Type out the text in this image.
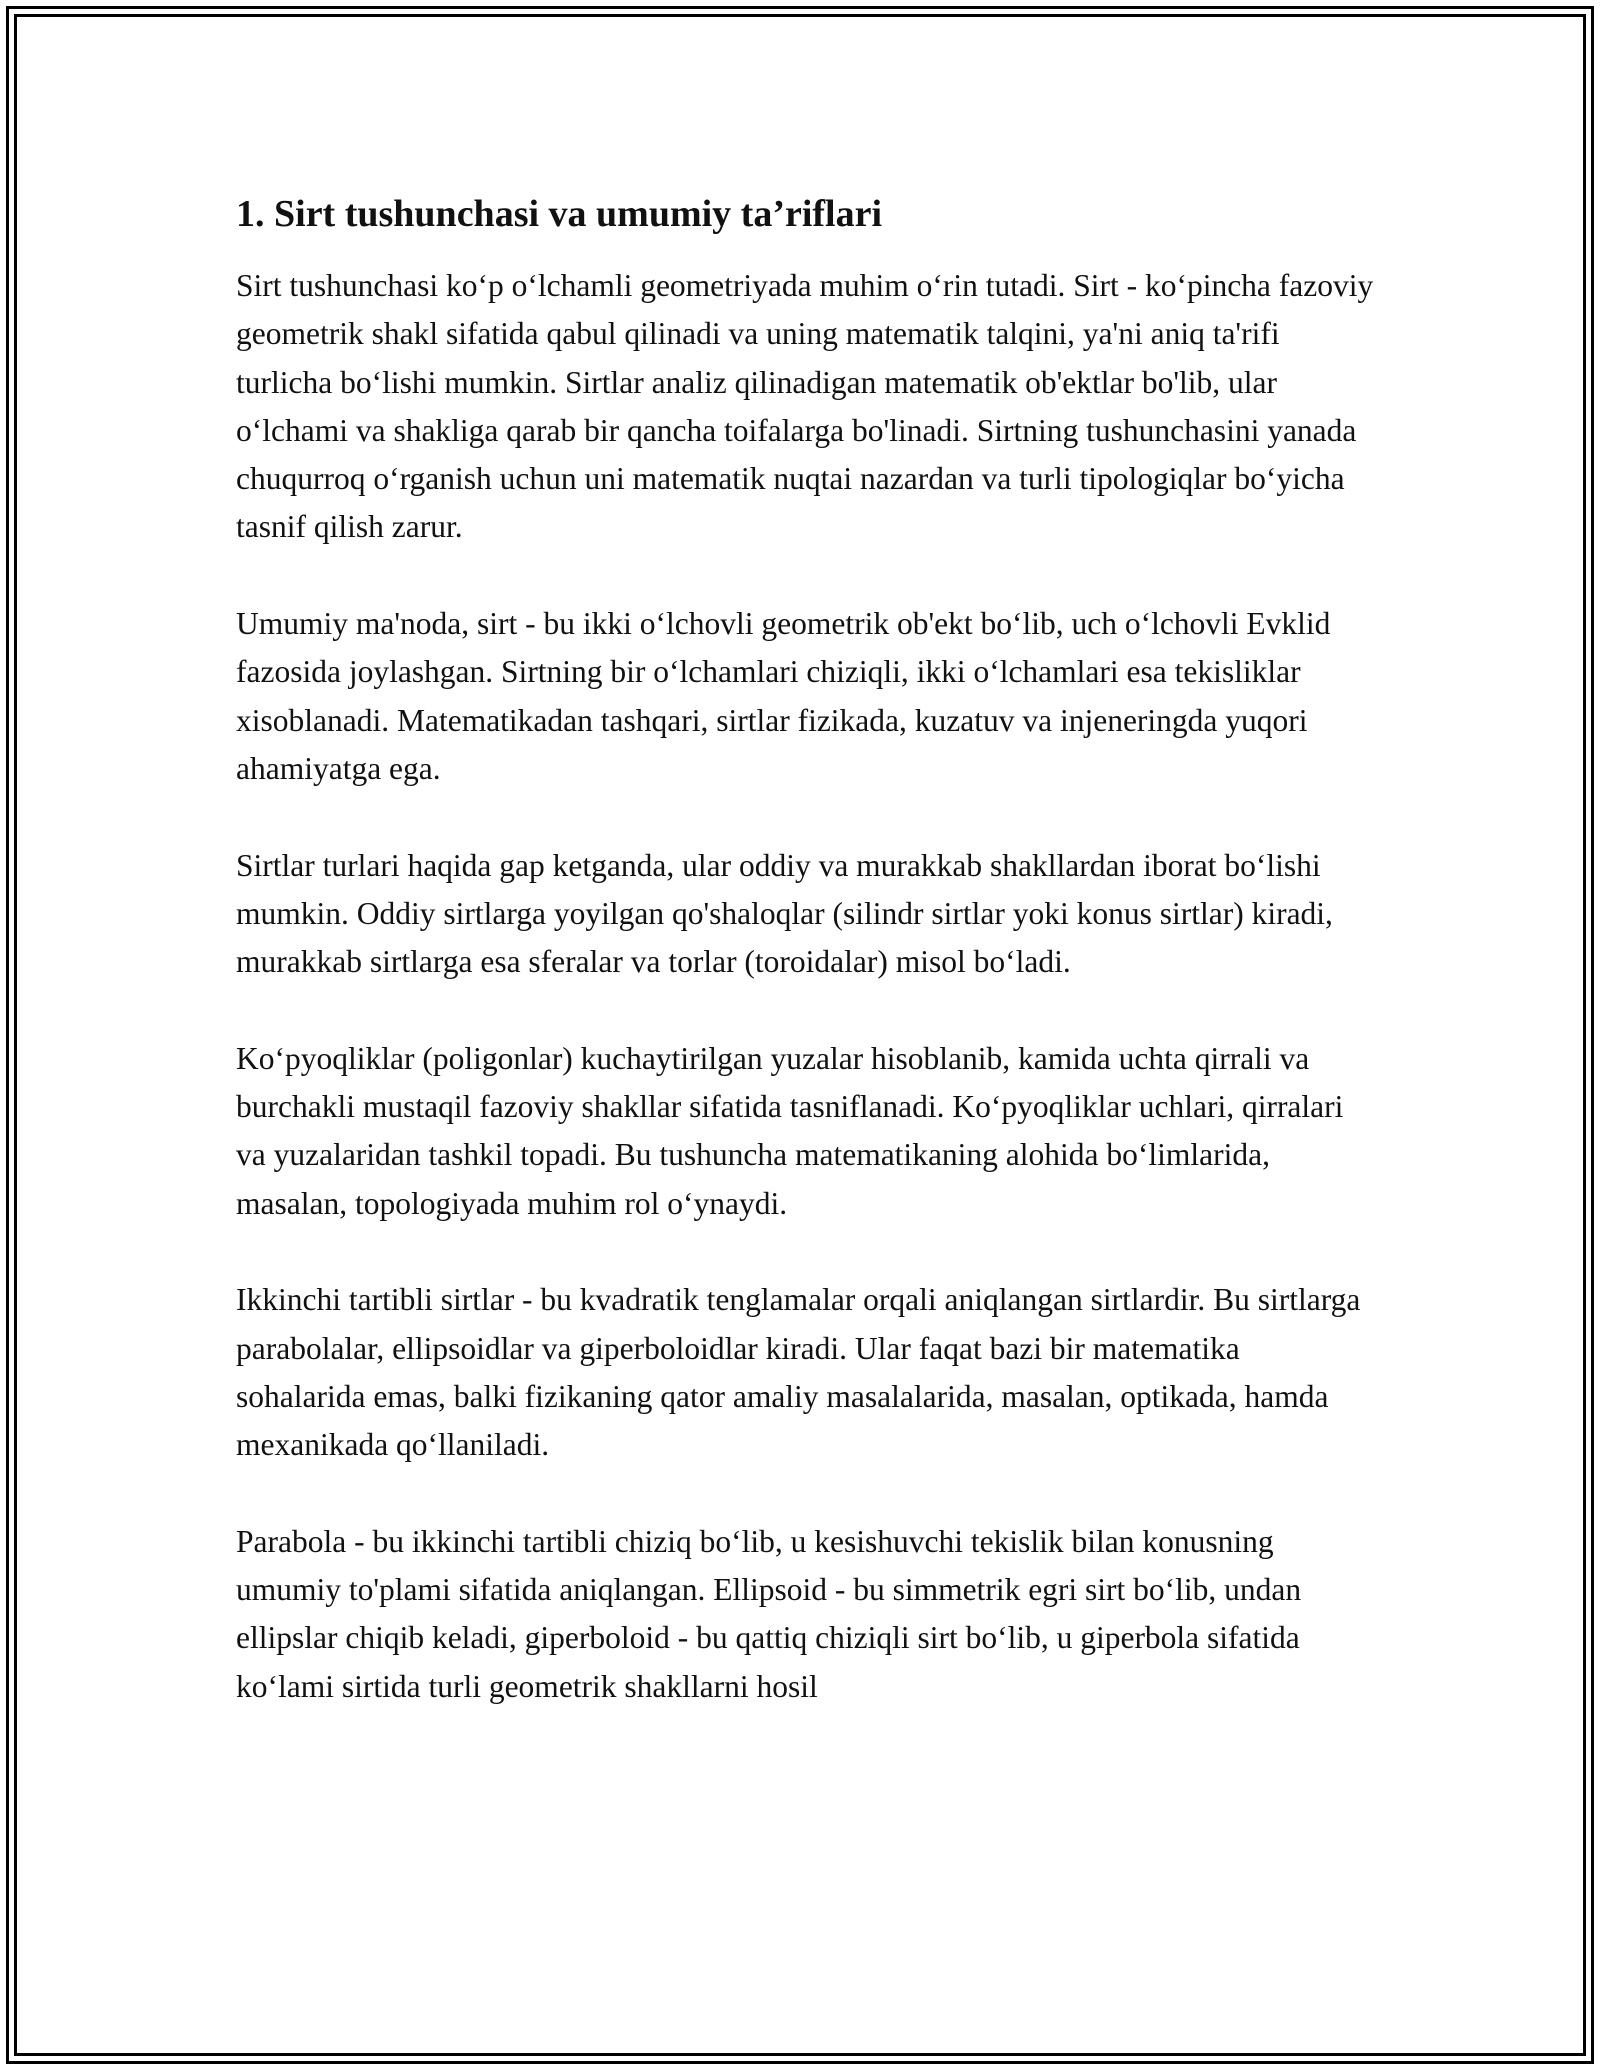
1. Sirt tushunchasi va umumiy ta’riflari

Sirt tushunchasi ko‘p o‘lchamli geometriyada muhim o‘rin tutadi. Sirt - ko‘pincha fazoviy geometrik shakl sifatida qabul qilinadi va uning matematik talqini, ya'ni aniq ta'rifi turlicha bo‘lishi mumkin. Sirtlar analiz qilinadigan matematik ob'ektlar bo'lib, ular o‘lchami va shakliga qarab bir qancha toifalarga bo'linadi. Sirtning tushunchasini yanada chuqurroq o‘rganish uchun uni matematik nuqtai nazardan va turli tipologiqlar bo‘yicha tasnif qilish zarur.

Umumiy ma'noda, sirt - bu ikki o‘lchovli geometrik ob'ekt bo‘lib, uch o‘lchovli Evklid fazosida joylashgan. Sirtning bir o‘lchamlari chiziqli, ikki o‘lchamlari esa tekisliklar xisoblanadi. Matematikadan tashqari, sirtlar fizikada, kuzatuv va injeneringda yuqori ahamiyatga ega.

Sirtlar turlari haqida gap ketganda, ular oddiy va murakkab shakllardan iborat bo‘lishi mumkin. Oddiy sirtlarga yoyilgan qo'shaloqlar (silindr sirtlar yoki konus sirtlar) kiradi, murakkab sirtlarga esa sferalar va torlar (toroidalar) misol bo‘ladi.

Ko‘pyoqliklar (poligonlar) kuchaytirilgan yuzalar hisoblanib, kamida uchta qirrali va burchakli mustaqil fazoviy shakllar sifatida tasniflanadi. Ko‘pyoqliklar uchlari, qirralari va yuzalaridan tashkil topadi. Bu tushuncha matematikaning alohida bo‘limlarida, masalan, topologiyada muhim rol o‘ynaydi.

Ikkinchi tartibli sirtlar - bu kvadratik tenglamalar orqali aniqlangan sirtlardir. Bu sirtlarga parabolalar, ellipsoidlar va giperboloidlar kiradi. Ular faqat bazi bir matematika sohalarida emas, balki fizikaning qator amaliy masalalarida, masalan, optikada, hamda mexanikada qo‘llaniladi.

Parabola - bu ikkinchi tartibli chiziq bo‘lib, u kesishuvchi tekislik bilan konusning umumiy to'plami sifatida aniqlangan. Ellipsoid - bu simmetrik egri sirt bo‘lib, undan ellipslar chiqib keladi, giperboloid - bu qattiq chiziqli sirt bo‘lib, u giperbola sifatida ko‘lami sirtida turli geometrik shakllarni hosil
